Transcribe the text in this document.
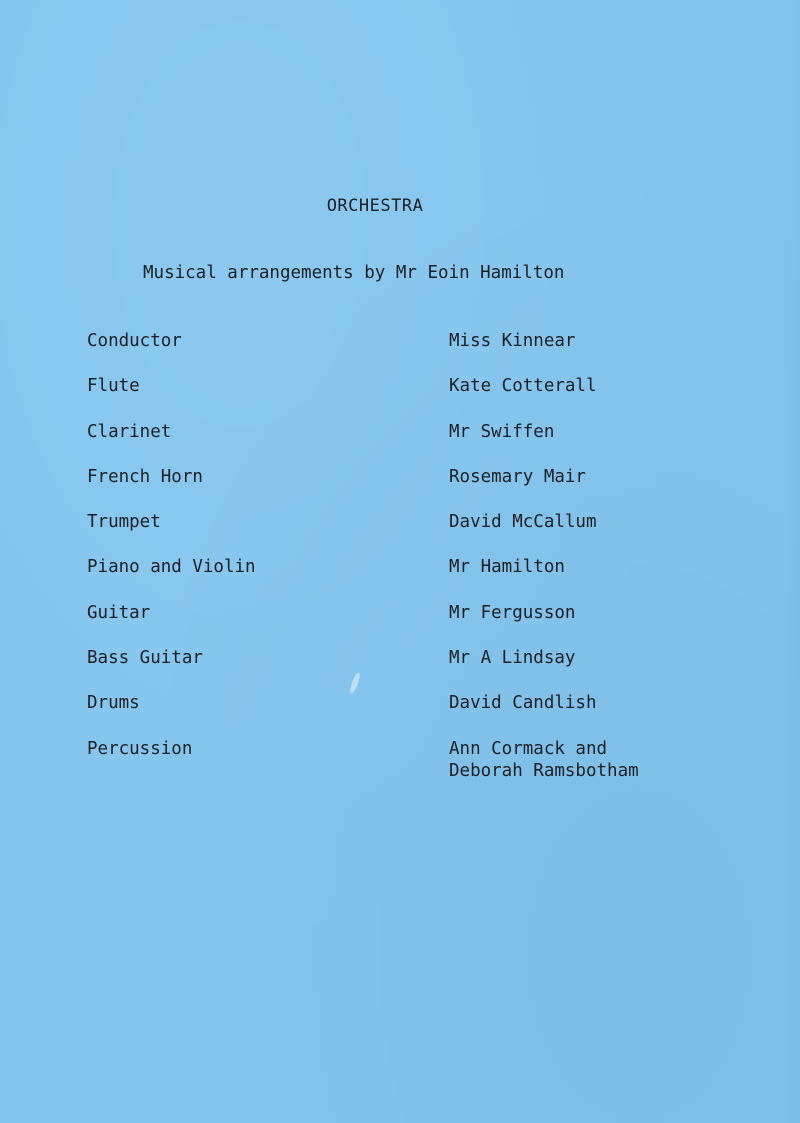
ORCHESTRA
Musical arrangements by Mr Eoin Hamilton
Conductor	Miss Kinnear
Flute	Kate Cotterall
Clarinet	Mr Swiffen
French Horn	Rosemary Mair
Trumpet	David McCallum
Piano and Violin	Mr Hamilton
Guitar	Mr Fergusson
Bass Guitar	Mr A Lindsay
Drums	David Candlish
Percussion	Ann Cormack and
Deborah Ramsbotham
